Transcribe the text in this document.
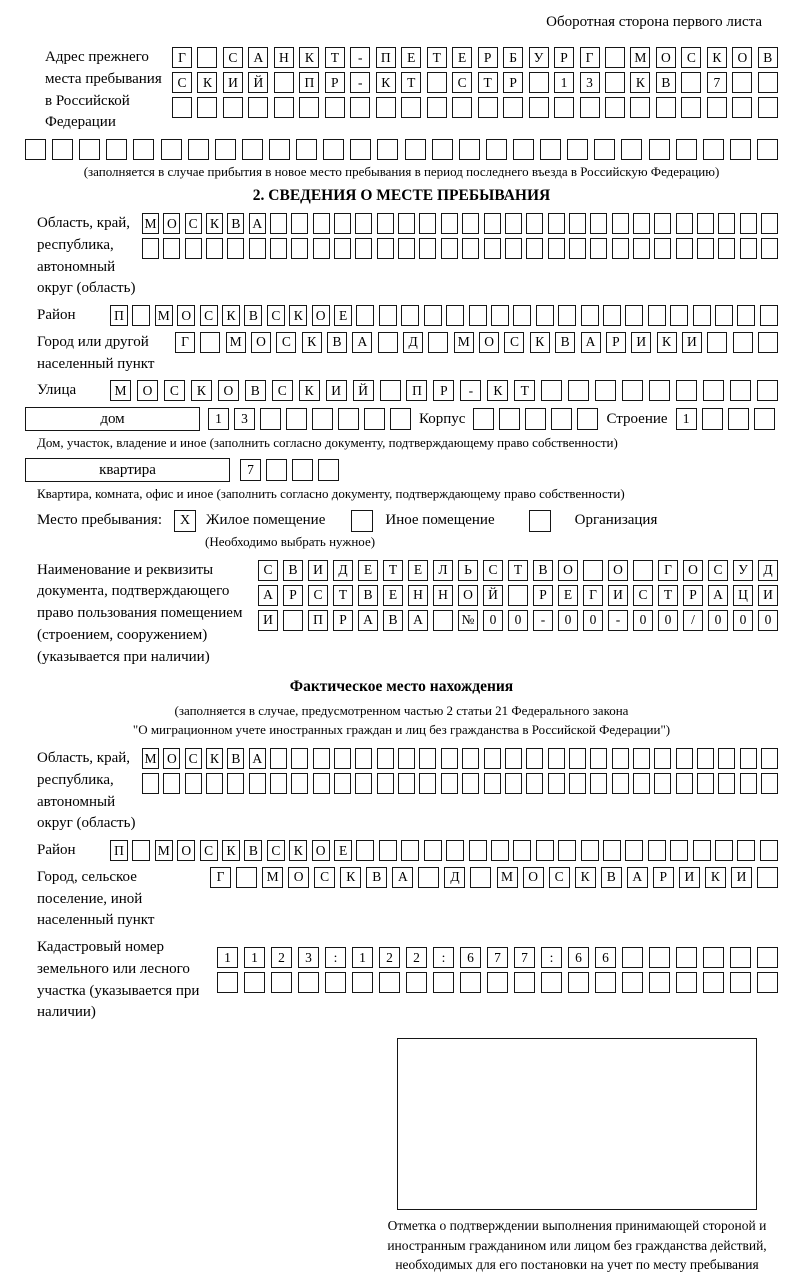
Оборотная сторона первого листа
Адрес прежнего места пребывания в Российской Федерации
Г	С	А	Н	К	Т	-	П	Е	Т	Е	Р	Б	У	Р	Г	М	О	С	К	О	В
С	К	И	Й	П	Р	-	К	Т	С	Т	Р	1	3	К	В	7
(заполняется в случае прибытия в новое место пребывания в период последнего въезда в Российскую Федерацию)
2. СВЕДЕНИЯ О МЕСТЕ ПРЕБЫВАНИЯ
Область, край, республика, автономный округ (область)
М О С К В А
Район	П	М О С К В С К О Е
Город или другой населенный пункт
Г	М	О	С	К	В	А	Д	М	О	С	К	В	А	Р	И	К	И
Улица	М	О	С	К	О	В	С	К	И	Й	П	Р	-	К	Т
дом	1	3	Корпус	Строение	1
Дом, участок, владение и иное (заполнить согласно документу, подтверждающему право собственности)
квартира	7
Квартира, комната, офис и иное (заполнить согласно документу, подтверждающему право собственности)
Место пребывания:	X	Жилое помещение	Иное помещение	Организация
(Необходимо выбрать нужное)
Наименование и реквизиты документа, подтверждающего право пользования помещением (строением, сооружением) (указывается при наличии)
С	В	И	Д	Е	Т	Е	Л	Ь	С	Т	В	О	О	Г	О	С	У	Д
А	Р	С	Т	В	Е	Н	Н	О	Й	Р	Е	Г	И	С	Т	Р	А	Ц	И
И	П	Р	А	В	А	№	0	0	-	0	0	-	0	0	/	0	0	0
Фактическое место нахождения
(заполняется в случае, предусмотренном частью 2 статьи 21 Федерального закона
"О миграционном учете иностранных граждан и лиц без гражданства в Российской Федерации")
Область, край, республика, автономный округ (область)
М О С К В А
Район	П	М О С К В С К О Е
Город, сельское поселение, иной населенный пункт
Г	М	О	С	К	В	А	Д	М	О	С	К	В	А	Р	И	К	И
Кадастровый номер земельного или лесного участка (указывается при наличии)
1	1	2	3	:	1	2	2	:	6	7	7	:	6	6
Отметка о подтверждении выполнения принимающей стороной и иностранным гражданином или лицом без гражданства действий, необходимых для его постановки на учет по месту пребывания
